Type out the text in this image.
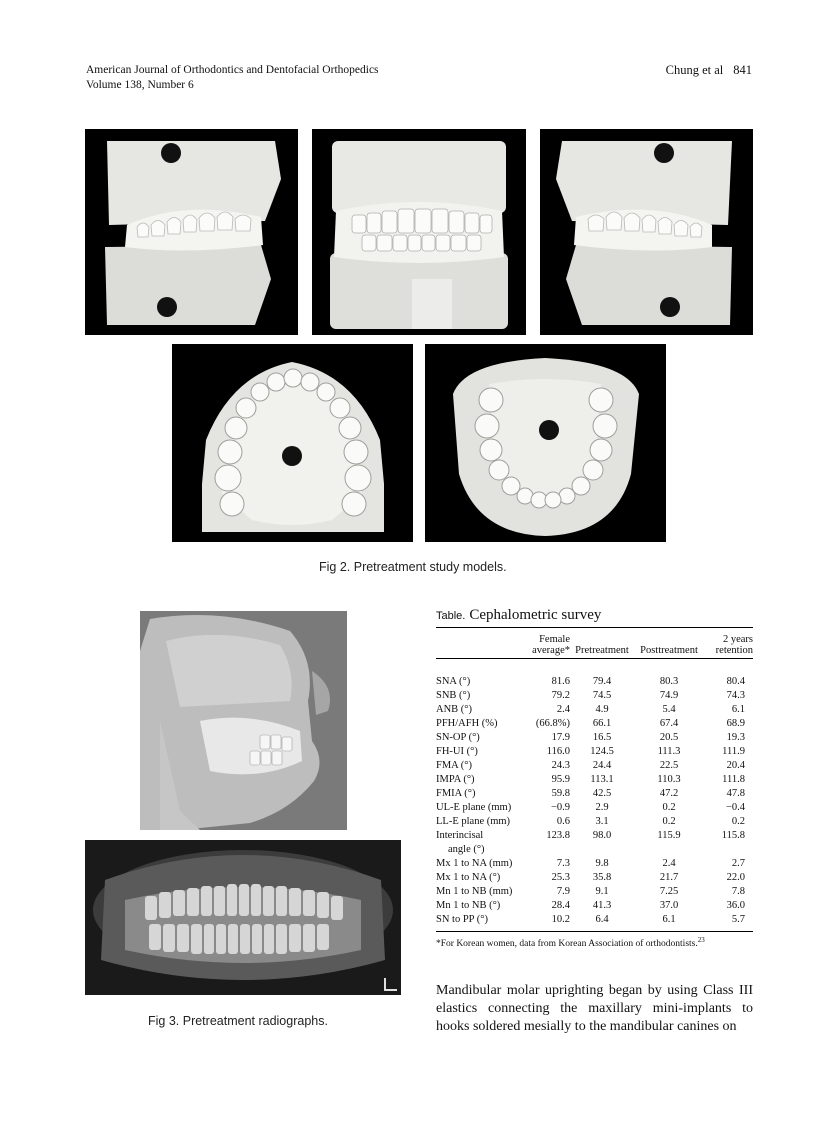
American Journal of Orthodontics and Dentofacial Orthopedics
Volume 138, Number 6
Chung et al 841
Fig 2. Pretreatment study models.
Fig 3. Pretreatment radiographs.
Table. Cephalometric survey
	Female
average*	Pretreatment	Posttreatment	2 years
retention
SNA (°)	81.6	79.4	80.3	80.4
SNB (°)	79.2	74.5	74.9	74.3
ANB (°)	2.4	4.9	5.4	6.1
PFH/AFH (%)	(66.8%)	66.1	67.4	68.9
SN-OP (°)	17.9	16.5	20.5	19.3
FH-UI (°)	116.0	124.5	111.3	111.9
FMA (°)	24.3	24.4	22.5	20.4
IMPA (°)	95.9	113.1	110.3	111.8
FMIA (°)	59.8	42.5	47.2	47.8
UL-E plane (mm)	−0.9	2.9	0.2	−0.4
LL-E plane (mm)	0.6	3.1	0.2	0.2
Interincisal
angle (°)	123.8	98.0	115.9	115.8
Mx 1 to NA (mm)	7.3	9.8	2.4	2.7
Mx 1 to NA (°)	25.3	35.8	21.7	22.0
Mn 1 to NB (mm)	7.9	9.1	7.25	7.8
Mn 1 to NB (°)	28.4	41.3	37.0	36.0
SN to PP (°)	10.2	6.4	6.1	5.7
*For Korean women, data from Korean Association of orthodontists.$^{23}$
Mandibular molar uprighting began by using Class III elastics connecting the maxillary mini-implants to hooks soldered mesially to the mandibular canines on
